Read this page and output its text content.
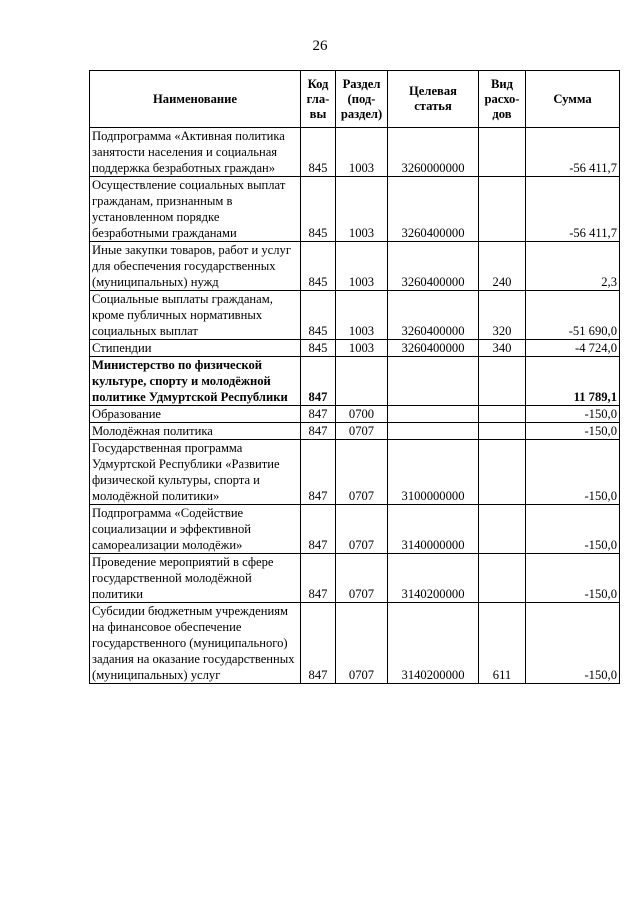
26
Наименование	Код гла-вы	Раздел (под-раздел)	Целевая статья	Вид расхо-дов	Сумма
Подпрограмма «Активная политика занятости населения и социальная поддержка безработных граждан»	845	1003	3260000000		-56 411,7
Осуществление социальных выплат гражданам, признанным в установленном порядке безработными гражданами	845	1003	3260400000		-56 411,7
Иные закупки товаров, работ и услуг для обеспечения государственных (муниципальных) нужд	845	1003	3260400000	240	2,3
Социальные выплаты гражданам, кроме публичных нормативных социальных выплат	845	1003	3260400000	320	-51 690,0
Стипендии	845	1003	3260400000	340	-4 724,0
Министерство по физической культуре, спорту и молодёжной политике Удмуртской Республики	847				11 789,1
Образование	847	0700			-150,0
Молодёжная политика	847	0707			-150,0
Государственная программа Удмуртской Республики «Развитие физической культуры, спорта и молодёжной политики»	847	0707	3100000000		-150,0
Подпрограмма «Содействие социализации и эффективной самореализации молодёжи»	847	0707	3140000000		-150,0
Проведение мероприятий в сфере государственной молодёжной политики	847	0707	3140200000		-150,0
Субсидии бюджетным учреждениям на финансовое обеспечение государственного (муниципального) задания на оказание государственных (муниципальных) услуг	847	0707	3140200000	611	-150,0
